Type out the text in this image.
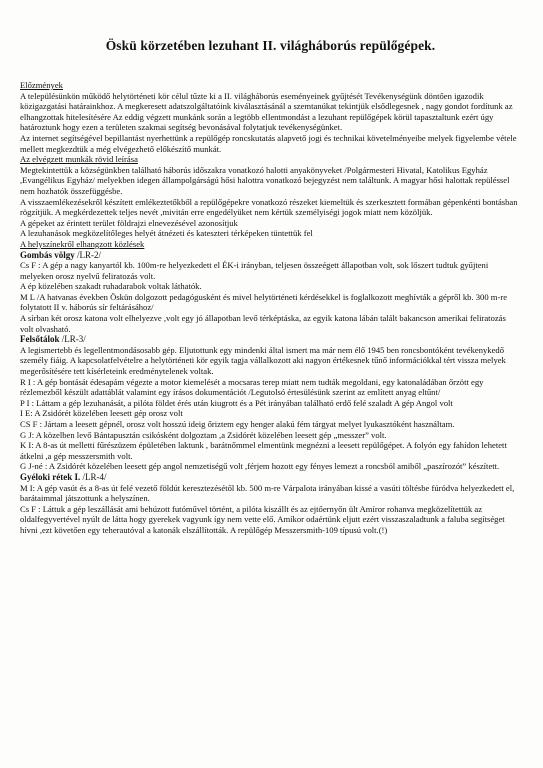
Öskü körzetében lezuhant II. világháborús repülőgépek.

Előzmények

A településünkön működő helytörténeti kör célul tűzte ki a II. világháborús eseményeinek gyűjtését Tevékenységünk döntően igazodik közigazgatási határainkhoz. A megkeresett adatszolgáltatóink kiválasztásánál a szemtanúkat tekintjük elsődlegesnek , nagy gondot fordítunk az elhangzottak hitelesítésére Az eddig végzett munkánk során a legtöbb ellentmondást a lezuhant repülőgépek körül tapasztaltunk ezért úgy határoztunk hogy ezen a területen szakmai segítség bevonásával folytatjuk tevékenységünket.

Az internet segítségével bepillantást nyerhettünk a repülőgép roncskutatás alapvető jogi és technikai követelményeibe melyek figyelembe vétele mellett megkezdtük a még elvégezhető előkészítő munkát.

Az elvégzett munkák rövid leírása

Megtekintettük a községünkben található háborús időszakra vonatkozó halotti anyakönyveket /Polgármesteri Hivatal, Katolikus Egyház ,Evangélikus Egyház/ melyekben idegen állampolgárságú hősi halottra vonatkozó bejegyzést nem találtunk. A magyar hősi halottak repüléssel nem hozhatók összefüggésbe.

A visszaemlékezésekről készített emlékeztetőkből a repülőgépekre vonatkozó részeket kiemeltük és szerkesztett formában gépenkénti bontásban rögzítjük. A megkérdezettek teljes nevét ,mivitán erre engedélyüket nem kértük személyiségi jogok miatt nem közöljük.

A gépeket az érintett terület földrajzi elnevezésével azonosítjuk

A lezuhanások megközelítőleges helyét átnézeti és kateszteri térképeken tüntettük fel

A helyszínekről elhangzott közlések

Gombás völgy /LR-2/

Cs F : A gép a nagy kanyartól kb. 100m-re helyezkedett el ÉK-i irányban, teljesen összeégett állapotban volt, sok lőszert tudtuk gyűjteni melyeken orosz nyelvű feliratozás volt.

A ép közelében szakadt ruhadarabok voltak láthatók.

M L /A hatvanas években Öskün dolgozott pedagógusként és mivel helytörténeti kérdésekkel is foglalkozott meghívták a gépről kb. 300 m-re folytatott II v. háborús sír feltárásához/

A sírban két orosz katona volt elhelyezve ,volt egy jó állapotban levő térképtáska, az egyik katona lábán talált bakancson amerikai feliratozás volt olvasható.

Felsőtálok /LR-3/

A legismertebb és legellentmondásosabb gép. Eljutottunk egy mindenki által ismert ma már nem élő 1945 ben roncsbontóként tevékenykedő személy fiáig. A kapcsolatfelvételre a helytörténeti kör egyik tagja vállalkozott aki nagyon értékesnek tűnő információkkal tért vissza melyek megerősítésére tett kísérleteink eredménytelenek voltak.

R I : A gép bontását édesapám végezte a motor kiemelését a mocsaras terep miatt nem tudták megoldani, egy katonaládában őrzött egy rézlemezből készült adattáblát valamint egy írásos dokumentációt /Legutolsó értesülésünk szerint az említett anyag eltűnt/

P I : Láttam a gép lezuhanását, a pilóta földet érés után kiugrott és a Pét irányában található erdő felé szaladt A gép Angol volt

I E: A Zsidórét közelében leesett gép orosz volt

CS F : Jártam a leesett gépnél, orosz volt hosszú ideig őriztem egy henger alakú fém tárgyat melyet lyukasztóként használtam.

G J: A közelben levő Bántapusztán csikósként dolgoztam ,a Zsidórét közelében leesett gép „messzer” volt.

K I: A 8-as út melletti fűrészüzem épületében laktunk , barátnőmmel elmentünk megnézni a leesett repülőgépet. A folyón egy fahídon lehetett átkelni ,a gép messzersmith volt.

G J-né : A Zsidórét közelében leesett gép angol nemzetiségű volt ,férjem hozott egy fényes lemezt a roncsból amiből „paszírozót” készített.

Gyéloki rétek I. /LR-4/

M I: A gép vasút és a 8-as út felé vezető földút keresztezésétől kb. 500 m-re Várpalota irányában kissé a vasúti töltésbe fúródva helyezkedett el, barátaimmal játszottunk a helyszínen.

Cs F : Láttuk a gép leszállását ami behúzott futóművel történt, a pilóta kiszállt és az ejtőernyőn ült Amíror rohanva megközelítettük az oldalfegyvertével nyúlt de látta hogy gyerekek vagyunk így nem vette elő. Amíkor odaértünk eljutt ezért visszaszaladtunk a faluba segítséget hívni ,ezt követően egy teherautóval a katonák elszállították. A repülőgép Messzersmith-109 típusú volt.(!)
